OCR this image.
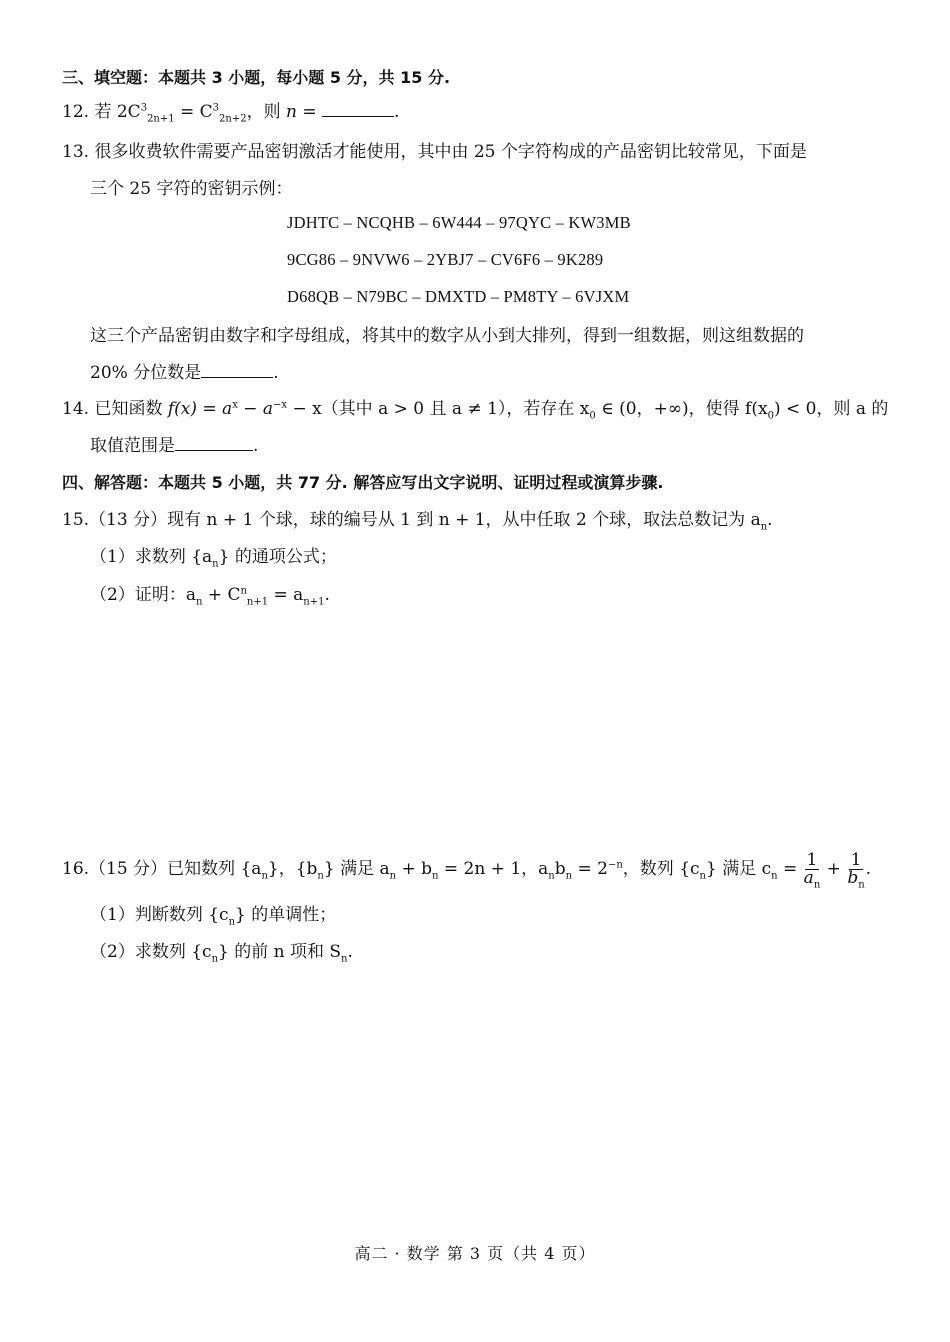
三、填空题：本题共 3 小题，每小题 5 分，共 15 分.
12. 若 $2C^3_{2n+1} = C^3_{2n+2}$，则 n =	.
13. 很多收费软件需要产品密钥激活才能使用，其中由 25 个字符构成的产品密钥比较常见，下面是
三个 25 字符的密钥示例：
JDHTC – NCQHB – 6W444 – 97QYC – KW3MB
9CG86 – 9NVW6 – 2YBJ7 – CV6F6 – 9K289
D68QB – N79BC – DMXTD – PM8TY – 6VJXM
这三个产品密钥由数字和字母组成，将其中的数字从小到大排列，得到一组数据，则这组数据的
20% 分位数是	.
14. 已知函数 $f(x) = a^x - a^{-x} - x$（其中 a > 0 且 a ≠ 1），若存在 $x_0$ ∈ (0，+∞)，使得 $f(x_0) < 0$，则 a 的
取值范围是	.
四、解答题：本题共 5 小题，共 77 分. 解答应写出文字说明、证明过程或演算步骤.
15.（13 分）现有 n + 1 个球，球的编号从 1 到 n + 1，从中任取 2 个球，取法总数记为 $a_n$.
（1）求数列 $\{a_n\}$ 的通项公式；
（2）证明：$a_n + C^n_{n+1} = a_{n+1}$.
16.（15 分）已知数列 $\{a_n\}$，$\{b_n\}$ 满足 $a_n + b_n = 2n + 1$，$a_nb_n = 2^{-n}$，数列 $\{c_n\}$ 满足 $c_n = \frac{1}{a_n} + \frac{1}{b_n}$ .
（1）判断数列 $\{c_n\}$ 的单调性；
（2）求数列 $\{c_n\}$ 的前 n 项和 $S_n$.
高二 · 数学 第 3 页（共 4 页）
